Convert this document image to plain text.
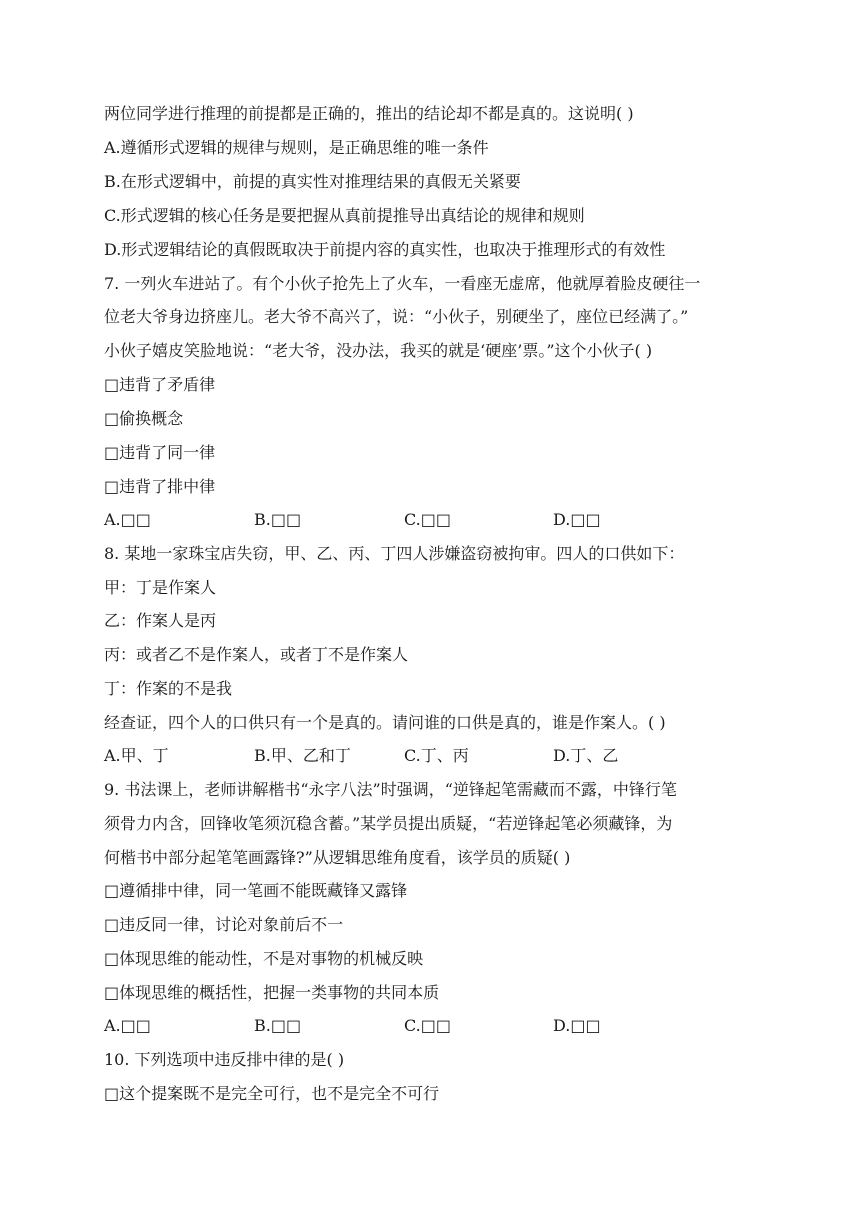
两位同学进行推理的前提都是正确的，推出的结论却不都是真的。这说明( )
A.遵循形式逻辑的规律与规则，是正确思维的唯一条件
B.在形式逻辑中，前提的真实性对推理结果的真假无关紧要
C.形式逻辑的核心任务是要把握从真前提推导出真结论的规律和规则
D.形式逻辑结论的真假既取决于前提内容的真实性，也取决于推理形式的有效性
7. 一列火车进站了。有个小伙子抢先上了火车，一看座无虚席，他就厚着脸皮硬往一
位老大爷身边挤座儿。老大爷不高兴了，说：“小伙子，别硬坐了，座位已经满了。”
小伙子嬉皮笑脸地说：“老大爷，没办法，我买的就是‘硬座’票。”这个小伙子( )
□违背了矛盾律
□偷换概念
□违背了同一律
□违背了排中律
A.□□	B.□□	C.□□	D.□□
8. 某地一家珠宝店失窃，甲、乙、丙、丁四人涉嫌盗窃被拘审。四人的口供如下：
甲：丁是作案人
乙：作案人是丙
丙：或者乙不是作案人，或者丁不是作案人
丁：作案的不是我
经查证，四个人的口供只有一个是真的。请问谁的口供是真的，谁是作案人。( )
A.甲、丁	B.甲、乙和丁	C.丁、丙	D.丁、乙
9. 书法课上，老师讲解楷书“永字八法”时强调，“逆锋起笔需藏而不露，中锋行笔
须骨力内含，回锋收笔须沉稳含蓄。”某学员提出质疑，“若逆锋起笔必须藏锋，为
何楷书中部分起笔笔画露锋?”从逻辑思维角度看，该学员的质疑( )
□遵循排中律，同一笔画不能既藏锋又露锋
□违反同一律，讨论对象前后不一
□体现思维的能动性，不是对事物的机械反映
□体现思维的概括性，把握一类事物的共同本质
A.□□	B.□□	C.□□	D.□□
10. 下列选项中违反排中律的是( )
□这个提案既不是完全可行，也不是完全不可行
